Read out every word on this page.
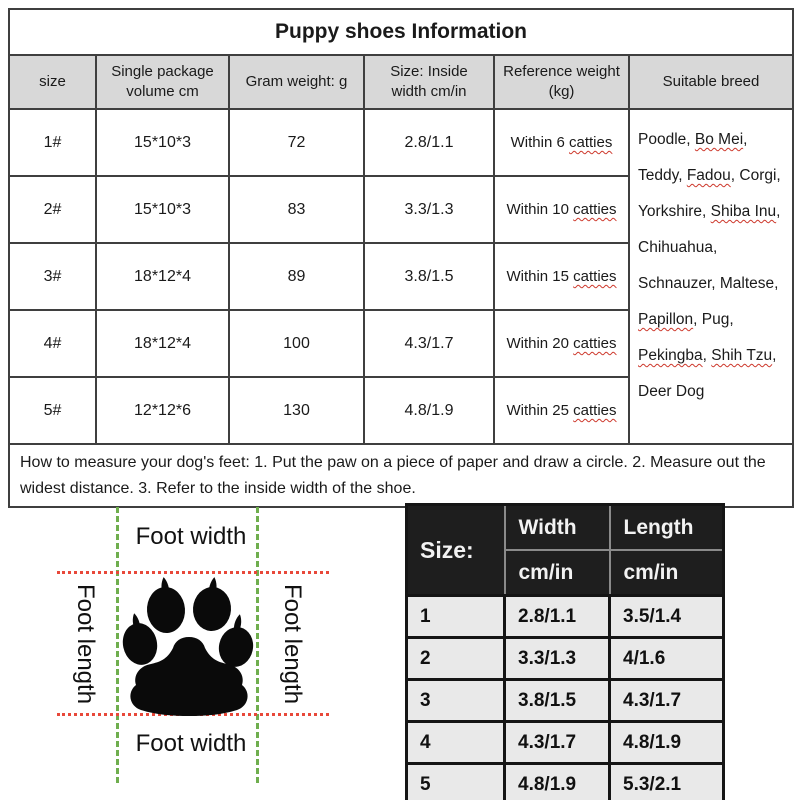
Puppy shoes Information					
size	Single package volume cm	Gram weight: g	Size: Inside width cm/in	Reference weight (kg)	Suitable breed
1#	15*10*3	72	2.8/1.1	Within 6 catties	Poodle, Bo Mei,
Teddy, Fadou, Corgi,
Yorkshire, Shiba Inu,
Chihuahua,
Schnauzer, Maltese,
Papillon, Pug,
Pekingba, Shih Tzu,
Deer Dog

2#	15*10*3	83	3.3/1.3	Within 10 catties	
3#	18*12*4	89	3.8/1.5	Within 15 catties	
4#	18*12*4	100	4.3/1.7	Within 20 catties	
5#	12*12*6	130	4.8/1.9	Within 25 catties	
How to measure your dog's feet: 1. Put the paw on a piece of paper and draw a circle. 2. Measure out the widest distance. 3. Refer to the inside width of the shoe.					
Foot width
Foot width
Foot length	Foot length
Size:	Width	Length
	cm/in	cm/in
1	2.8/1.1	3.5/1.4
2	3.3/1.3	4/1.6
3	3.8/1.5	4.3/1.7
4	4.3/1.7	4.8/1.9
5	4.8/1.9	5.3/2.1
